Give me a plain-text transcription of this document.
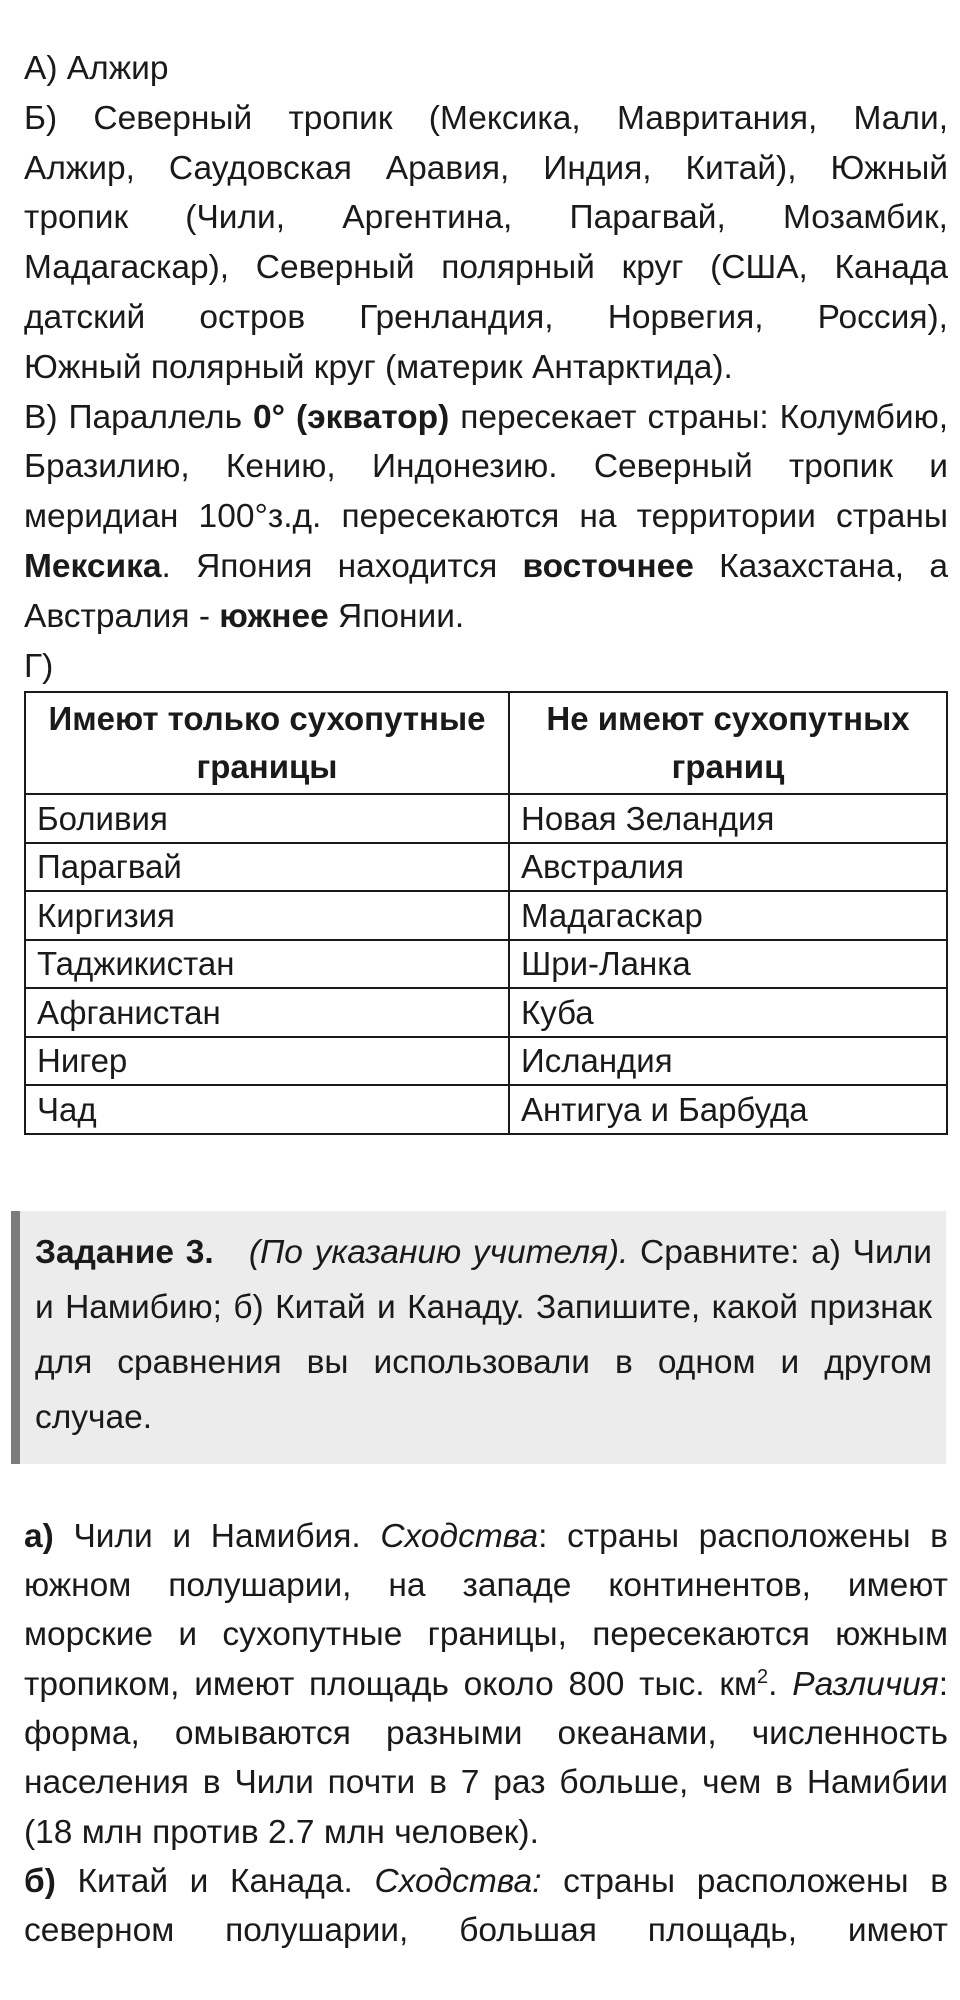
А) Алжир

Б) Северный тропик (Мексика, Мавритания, Мали,

Алжир, Саудовская Аравия, Индия, Китай), Южный

тропик (Чили, Аргентина, Парагвай, Мозамбик,

Мадагаскар), Северный полярный круг (США, Канада

датский остров Гренландия, Норвегия, Россия),

Южный полярный круг (материк Антарктида).

В) Параллель 0° (экватор) пересекает страны: Колумбию, Бразилию, Кению, Индонезию. Северный тропик и меридиан 100°з.д. пересекаются на территории страны Мексика. Япония находится восточнее Казахстана, а Австралия - южнее Японии.

Г)

Имеют только сухопутные границы	Не имеют сухопутных границ
Боливия	Новая Зеландия
Парагвай	Австралия
Киргизия	Мадагаскар
Таджикистан	Шри-Ланка
Афганистан	Куба
Нигер	Исландия
Чад	Антигуа и Барбуда

Задание 3. (По указанию учителя). Сравните: а) Чили и Намибию; б) Китай и Канаду. Запишите, какой признак для сравнения вы использовали в одном и другом случае.

а) Чили и Намибия. Сходства: страны расположены в южном полушарии, на западе континентов, имеют морские и сухопутные границы, пересекаются южным тропиком, имеют площадь около 800 тыс. $км^2$. Различия: форма, омываются разными океанами, численность населения в Чили почти в 7 раз больше, чем в Намибии (18 млн против 2.7 млн человек).

б) Китай и Канада. Сходства: страны расположены в северном полушарии, большая площадь, имеют
